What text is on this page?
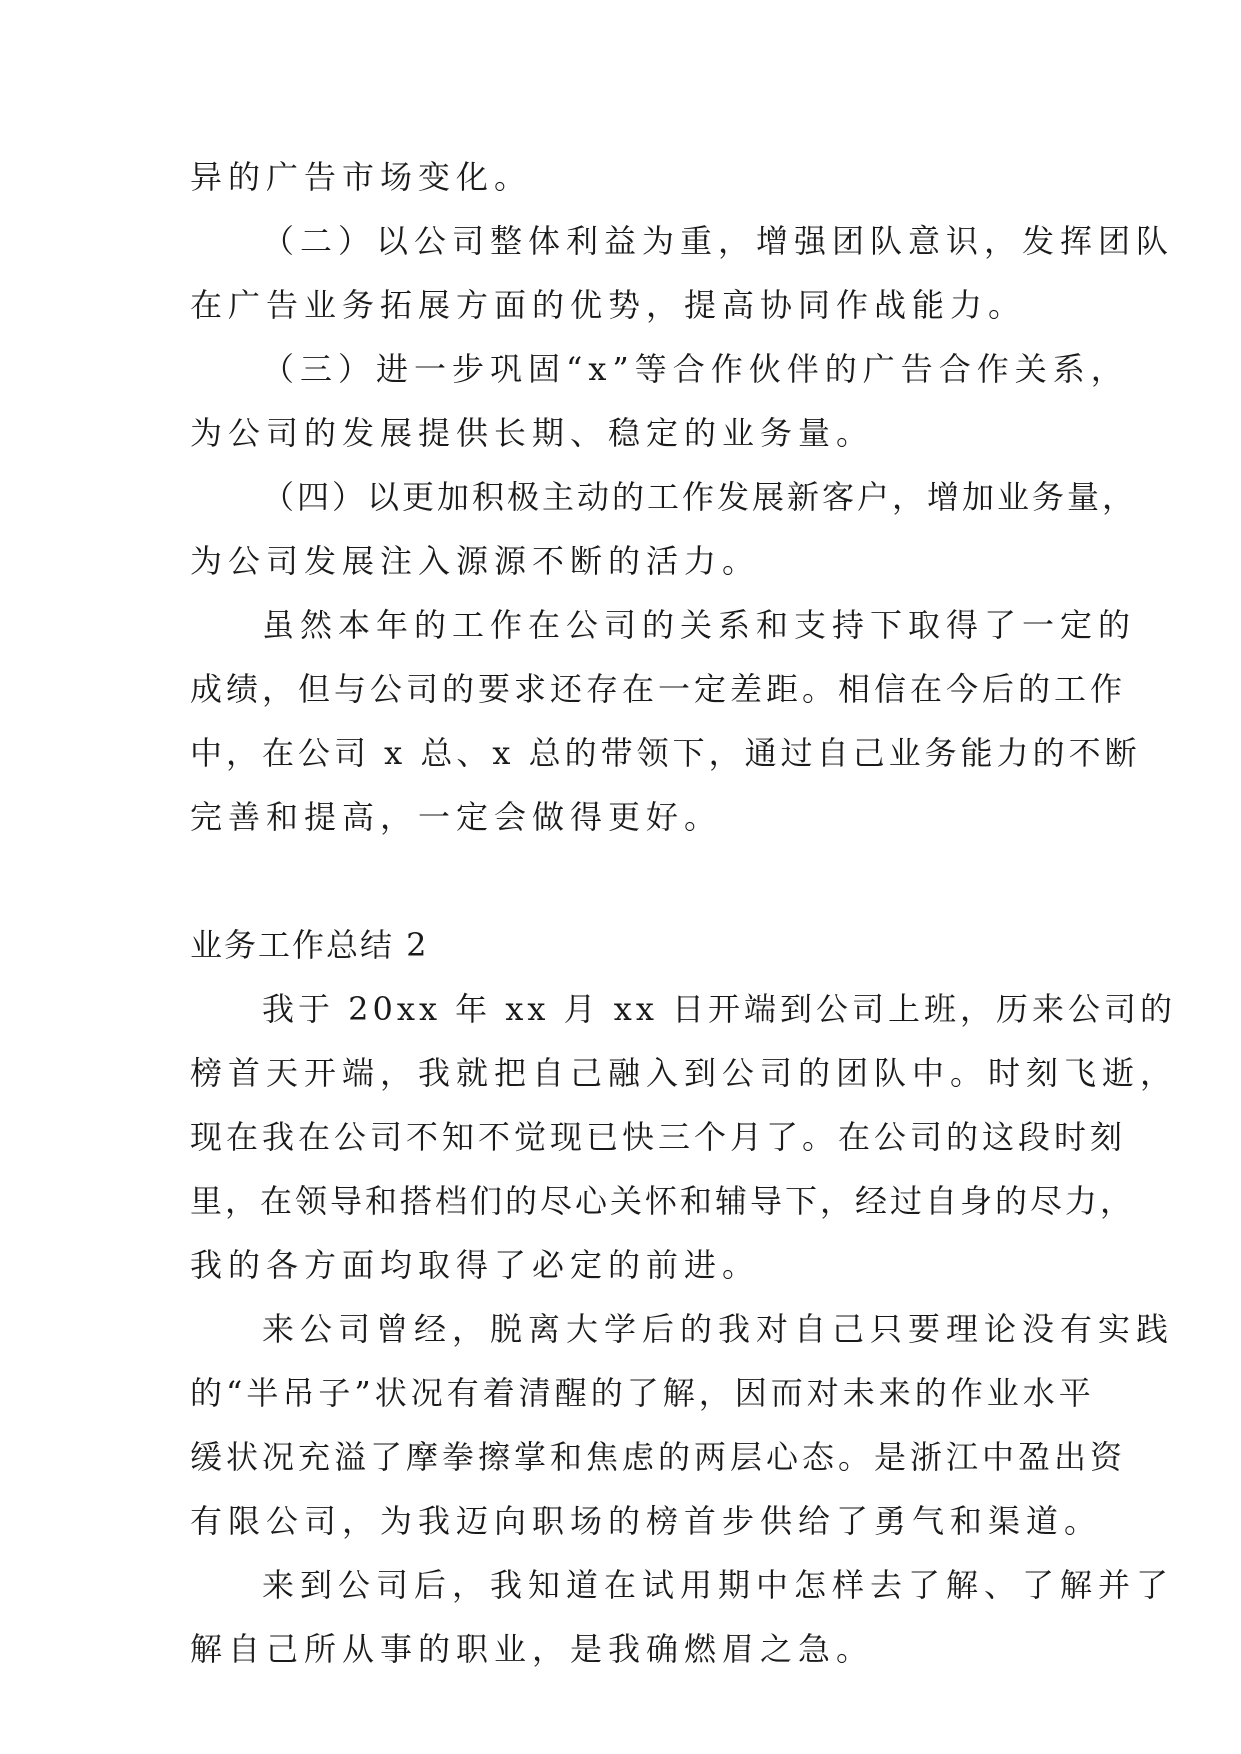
异的广告市场变化。
（二）以公司整体利益为重，增强团队意识，发挥团队
在广告业务拓展方面的优势，提高协同作战能力。
（三）进一步巩固“x”等合作伙伴的广告合作关系，
为公司的发展提供长期、稳定的业务量。
（四）以更加积极主动的工作发展新客户，增加业务量，
为公司发展注入源源不断的活力。
虽然本年的工作在公司的关系和支持下取得了一定的
成绩，但与公司的要求还存在一定差距。相信在今后的工作
中，在公司 x 总、x 总的带领下，通过自己业务能力的不断
完善和提高，一定会做得更好。
业务工作总结 2
我于 20xx 年 xx 月 xx 日开端到公司上班，历来公司的
榜首天开端，我就把自己融入到公司的团队中。时刻飞逝，
现在我在公司不知不觉现已快三个月了。在公司的这段时刻
里，在领导和搭档们的尽心关怀和辅导下，经过自身的尽力，
我的各方面均取得了必定的前进。
来公司曾经，脱离大学后的我对自己只要理论没有实践
的“半吊子”状况有着清醒的了解，因而对未来的作业水平
缓状况充溢了摩拳擦掌和焦虑的两层心态。是浙江中盈出资
有限公司，为我迈向职场的榜首步供给了勇气和渠道。
来到公司后，我知道在试用期中怎样去了解、了解并了
解自己所从事的职业，是我确燃眉之急。
